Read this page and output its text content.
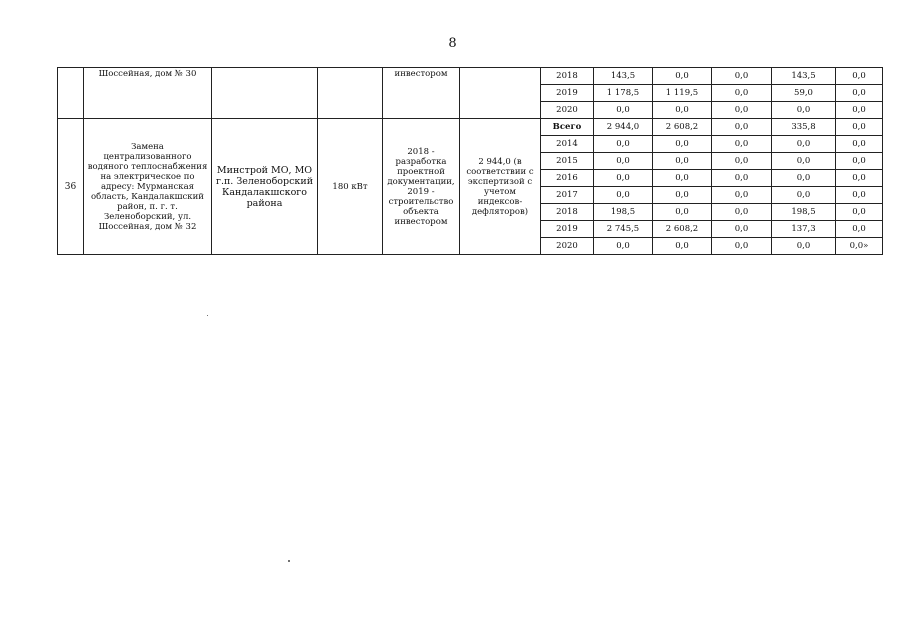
8
	Шоссейная, дом № 30			инвестором		2018	143,5	0,0	0,0	143,5	0,0
						2019	1 178,5	1 119,5	0,0	59,0	0,0
						2020	0,0	0,0	0,0	0,0	0,0
36	Замена централизованного водяного теплоснабжения на электрическое по адресу: Мурманская область, Кандалакшский район, п. г. т. Зеленоборский, ул. Шоссейная, дом № 32	Минстрой МО, МО г.п. Зеленоборский Кандалакшского района	180 кВт	2018 - разработка проектной документации, 2019 - строительство объекта инвестором	2 944,0 (в соответствии с экспертизой с учетом индексов-дефляторов)	Всего	2 944,0	2 608,2	0,0	335,8	0,0
						2014	0,0	0,0	0,0	0,0	0,0
						2015	0,0	0,0	0,0	0,0	0,0
						2016	0,0	0,0	0,0	0,0	0,0
						2017	0,0	0,0	0,0	0,0	0,0
						2018	198,5	0,0	0,0	198,5	0,0
						2019	2 745,5	2 608,2	0,0	137,3	0,0
						2020	0,0	0,0	0,0	0,0	0,0»
